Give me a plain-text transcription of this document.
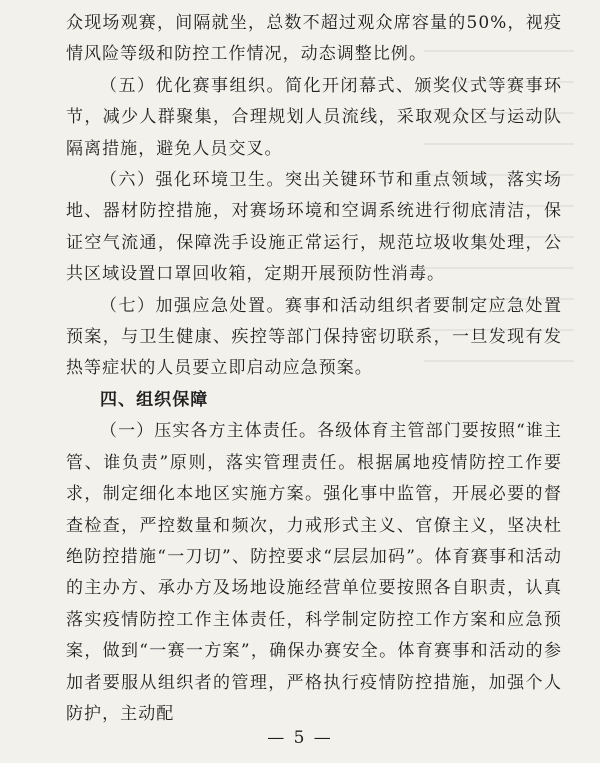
众现场观赛，间隔就坐，总数不超过观众席容量的50%，视疫情风险等级和防控工作情况，动态调整比例。

（五）优化赛事组织。简化开闭幕式、颁奖仪式等赛事环节，减少人群聚集，合理规划人员流线，采取观众区与运动队隔离措施，避免人员交叉。

（六）强化环境卫生。突出关键环节和重点领域，落实场地、器材防控措施，对赛场环境和空调系统进行彻底清洁，保证空气流通，保障洗手设施正常运行，规范垃圾收集处理，公共区域设置口罩回收箱，定期开展预防性消毒。

（七）加强应急处置。赛事和活动组织者要制定应急处置预案，与卫生健康、疾控等部门保持密切联系，一旦发现有发热等症状的人员要立即启动应急预案。

四、组织保障

（一）压实各方主体责任。各级体育主管部门要按照“谁主管、谁负责”原则，落实管理责任。根据属地疫情防控工作要求，制定细化本地区实施方案。强化事中监管，开展必要的督查检查，严控数量和频次，力戒形式主义、官僚主义，坚决杜绝防控措施“一刀切”、防控要求“层层加码”。体育赛事和活动的主办方、承办方及场地设施经营单位要按照各自职责，认真落实疫情防控工作主体责任，科学制定防控工作方案和应急预案，做到“一赛一方案”，确保办赛安全。体育赛事和活动的参加者要服从组织者的管理，严格执行疫情防控措施，加强个人防护，主动配

— 5 —
